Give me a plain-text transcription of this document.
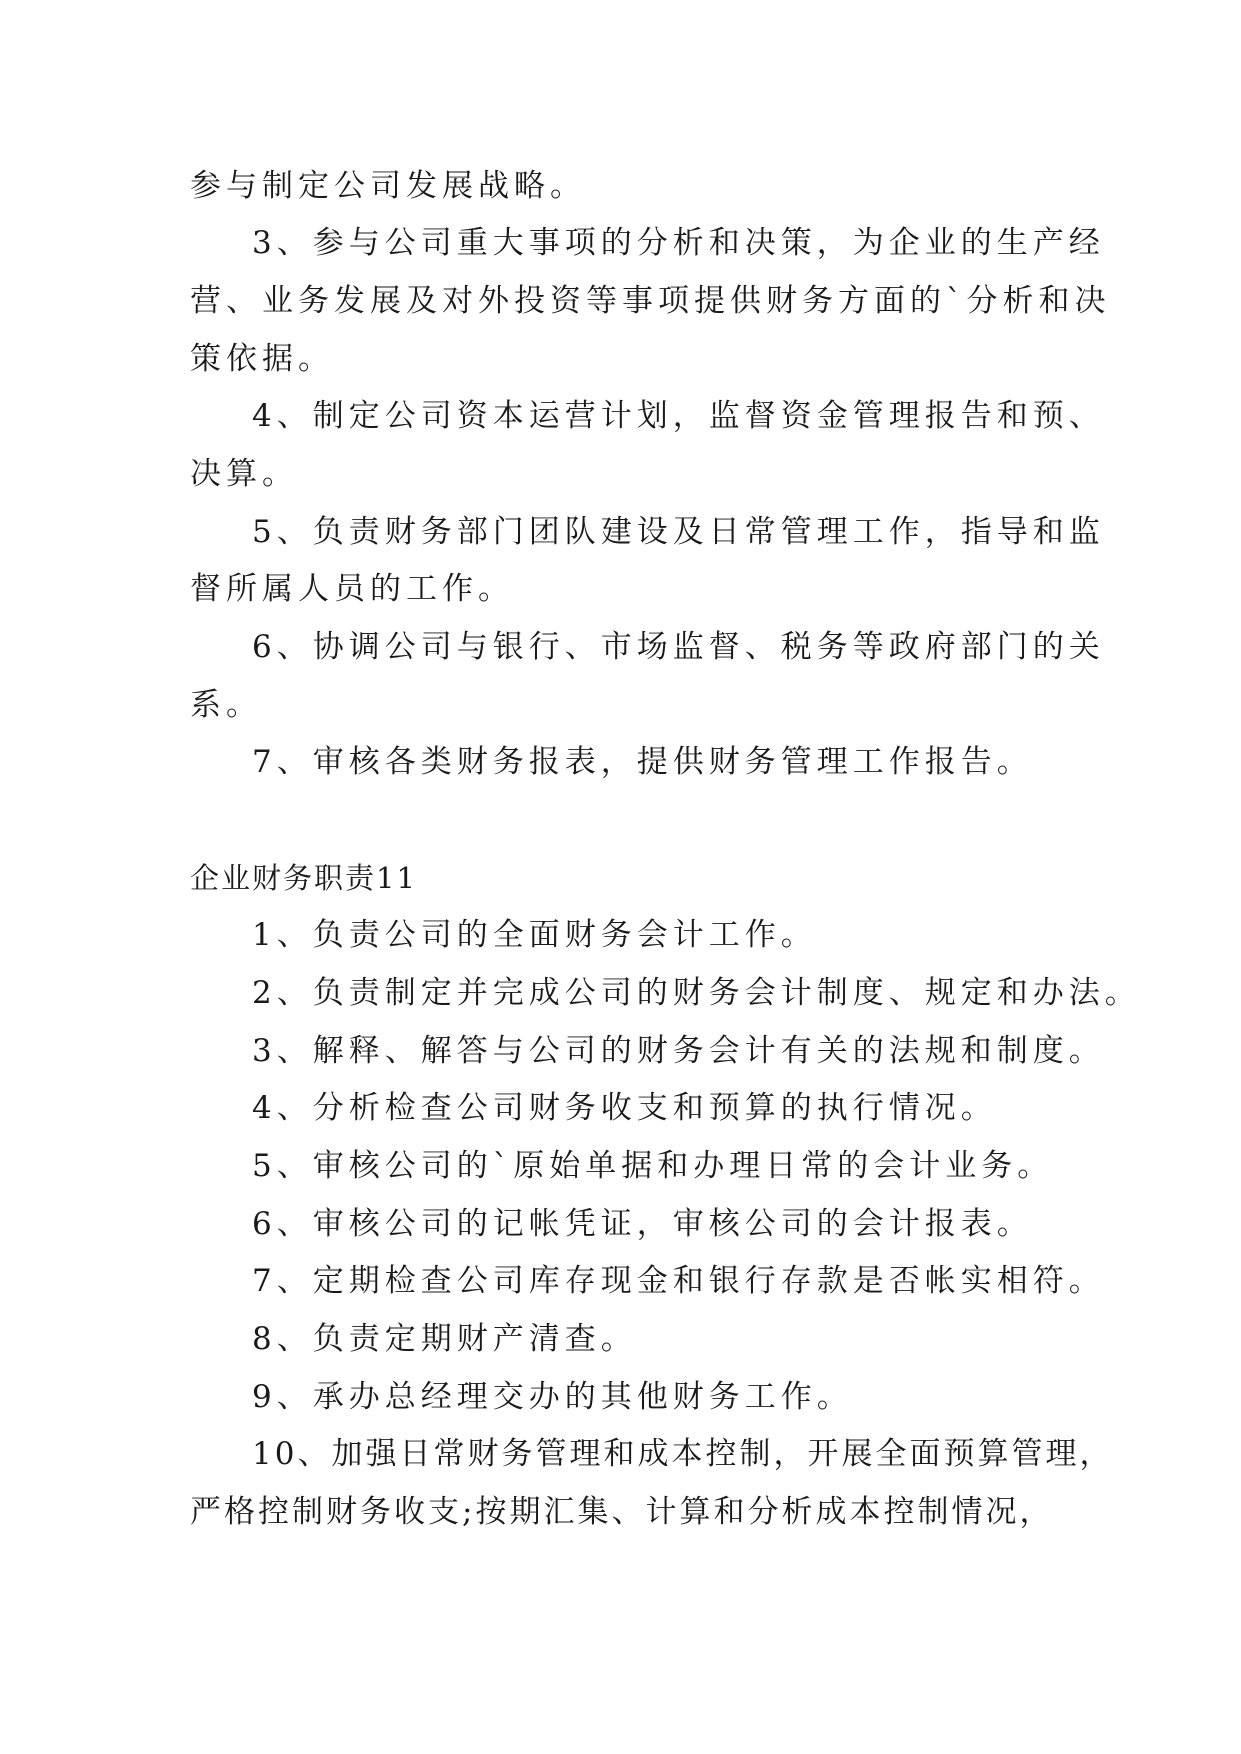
参与制定公司发展战略。
3、参与公司重大事项的分析和决策，为企业的生产经
营、业务发展及对外投资等事项提供财务方面的`分析和决
策依据。
4、制定公司资本运营计划，监督资金管理报告和预、
决算。
5、负责财务部门团队建设及日常管理工作，指导和监
督所属人员的工作。
6、协调公司与银行、市场监督、税务等政府部门的关
系。
7、审核各类财务报表，提供财务管理工作报告。
企业财务职责11
1、负责公司的全面财务会计工作。
2、负责制定并完成公司的财务会计制度、规定和办法。
3、解释、解答与公司的财务会计有关的法规和制度。
4、分析检查公司财务收支和预算的执行情况。
5、审核公司的`原始单据和办理日常的会计业务。
6、审核公司的记帐凭证，审核公司的会计报表。
7、定期检查公司库存现金和银行存款是否帐实相符。
8、负责定期财产清查。
9、承办总经理交办的其他财务工作。
10、加强日常财务管理和成本控制，开展全面预算管理，
严格控制财务收支;按期汇集、计算和分析成本控制情况，
